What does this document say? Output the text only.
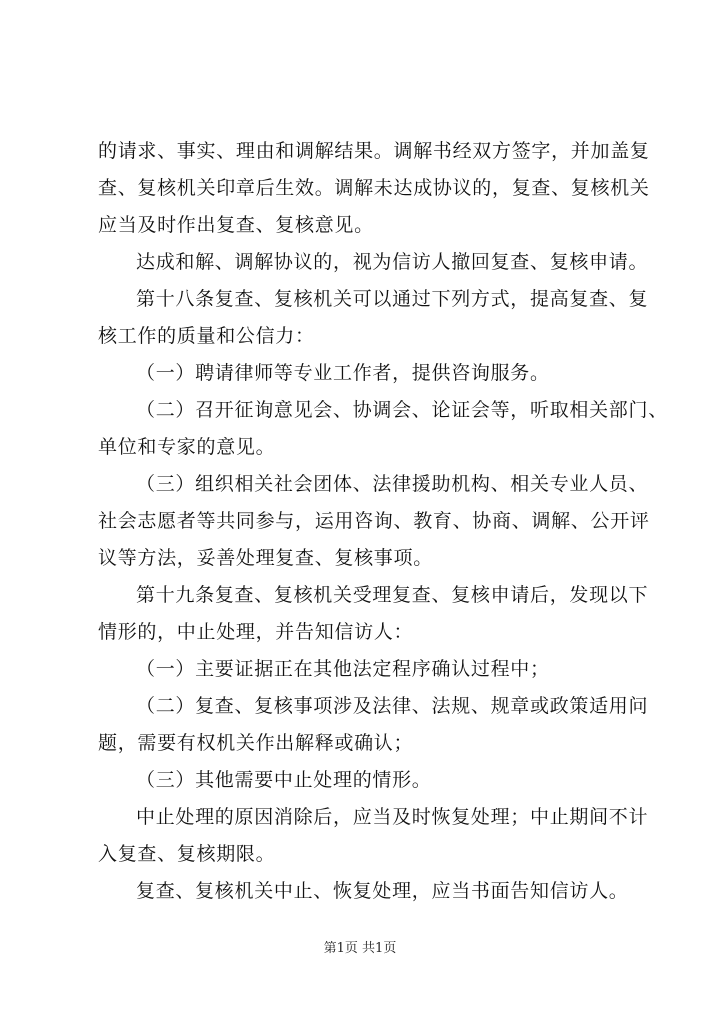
的请求、事实、理由和调解结果。调解书经双方签字，并加盖复
查、复核机关印章后生效。调解未达成协议的，复查、复核机关
应当及时作出复查、复核意见。
达成和解、调解协议的，视为信访人撤回复查、复核申请。
第十八条复查、复核机关可以通过下列方式，提高复查、复
核工作的质量和公信力：
（一）聘请律师等专业工作者，提供咨询服务。
（二）召开征询意见会、协调会、论证会等，听取相关部门、
单位和专家的意见。
（三）组织相关社会团体、法律援助机构、相关专业人员、
社会志愿者等共同参与，运用咨询、教育、协商、调解、公开评
议等方法，妥善处理复查、复核事项。
第十九条复查、复核机关受理复查、复核申请后，发现以下
情形的，中止处理，并告知信访人：
（一）主要证据正在其他法定程序确认过程中；
（二）复查、复核事项涉及法律、法规、规章或政策适用问
题，需要有权机关作出解释或确认；
（三）其他需要中止处理的情形。
中止处理的原因消除后，应当及时恢复处理；中止期间不计
入复查、复核期限。
复查、复核机关中止、恢复处理，应当书面告知信访人。
第1页 共1页
